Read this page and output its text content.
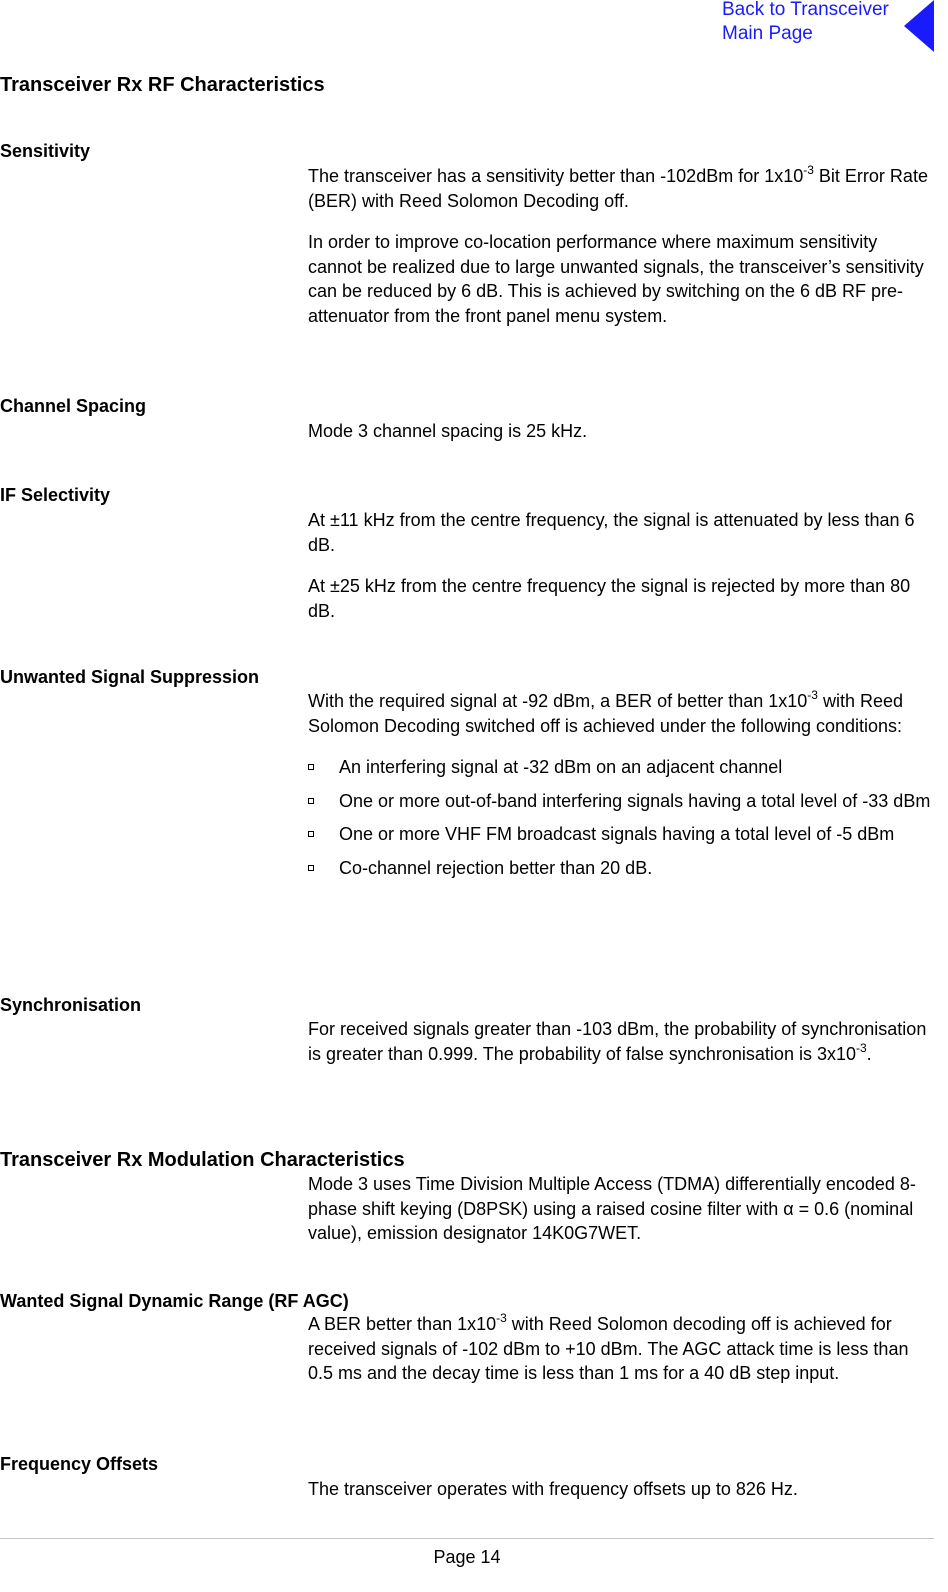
Back to Transceiver
Main Page
Transceiver Rx RF Characteristics
Sensitivity

The transceiver has a sensitivity better than -102dBm for $1x10^{-3}$ Bit Error Rate (BER) with Reed Solomon Decoding off.

In order to improve co-location performance where maximum sensitivity cannot be realized due to large unwanted signals, the transceiver’s sensitivity can be reduced by 6 dB. This is achieved by switching on the 6 dB RF pre-attenuator from the front panel menu system.

Channel Spacing

Mode 3 channel spacing is 25 kHz.

IF Selectivity

At ±11 kHz from the centre frequency, the signal is attenuated by less than 6 dB.

At ±25 kHz from the centre frequency the signal is rejected by more than 80 dB.

Unwanted Signal Suppression

With the required signal at -92 dBm, a BER of better than $1x10^{-3}$ with Reed Solomon Decoding switched off is achieved under the following conditions:

An interfering signal at -32 dBm on an adjacent channel
One or more out-of-band interfering signals having a total level of -33 dBm
One or more VHF FM broadcast signals having a total level of -5 dBm
Co-channel rejection better than 20 dB.
Synchronisation

For received signals greater than -103 dBm, the probability of synchronisation is greater than 0.999. The probability of false synchronisation is $3x10^{-3}$.

Transceiver Rx Modulation Characteristics

Mode 3 uses Time Division Multiple Access (TDMA) differentially encoded 8-phase shift keying (D8PSK) using a raised cosine filter with α = 0.6 (nominal value), emission designator 14K0G7WET.

Wanted Signal Dynamic Range (RF AGC)

A BER better than $1x10^{-3}$ with Reed Solomon decoding off is achieved for received signals of -102 dBm to +10 dBm. The AGC attack time is less than 0.5 ms and the decay time is less than 1 ms for a 40 dB step input.

Frequency Offsets

The transceiver operates with frequency offsets up to 826 Hz.

Page 14
